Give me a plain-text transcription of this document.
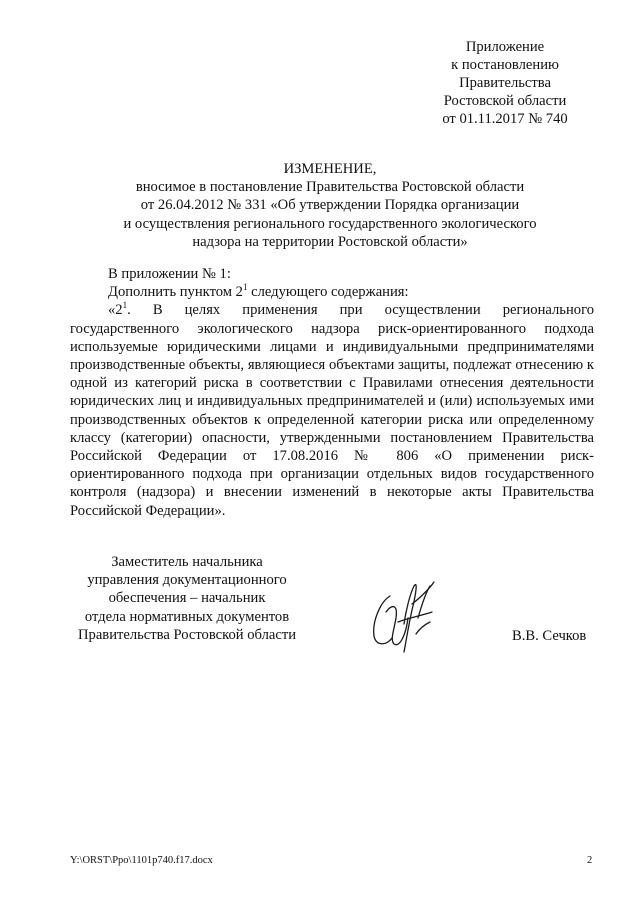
Приложение
к постановлению
Правительства
Ростовской области
от 01.11.2017 № 740
ИЗМЕНЕНИЕ,
вносимое в постановление Правительства Ростовской области
от 26.04.2012 № 331 «Об утверждении Порядка организации
и осуществления регионального государственного экологического
надзора на территории Ростовской области»

В приложении № 1:

Дополнить пунктом $2^1$ следующего содержания:

«$2^1$. В целях применения при осуществлении регионального государственного экологического надзора риск-ориентированного подхода используемые юридическими лицами и индивидуальными предпринимателями производственные объекты, являющиеся объектами защиты, подлежат отнесению к одной из категорий риска в соответствии с Правилами отнесения деятельности юридических лиц и индивидуальных предпринимателей и (или) используемых ими производственных объектов к определенной категории риска или определенному классу (категории) опасности, утвержденными постановлением Правительства Российской Федерации от 17.08.2016 № 806 «О применении риск-ориентированного подхода при организации отдельных видов государственного контроля (надзора) и внесении изменений в некоторые акты Правительства Российской Федерации».

Заместитель начальника
управления документационного
обеспечения – начальник
отдела нормативных документов
Правительства Ростовской области	В.В. Сечков
Y:\ORST\Ppo\1101p740.f17.docx	2
